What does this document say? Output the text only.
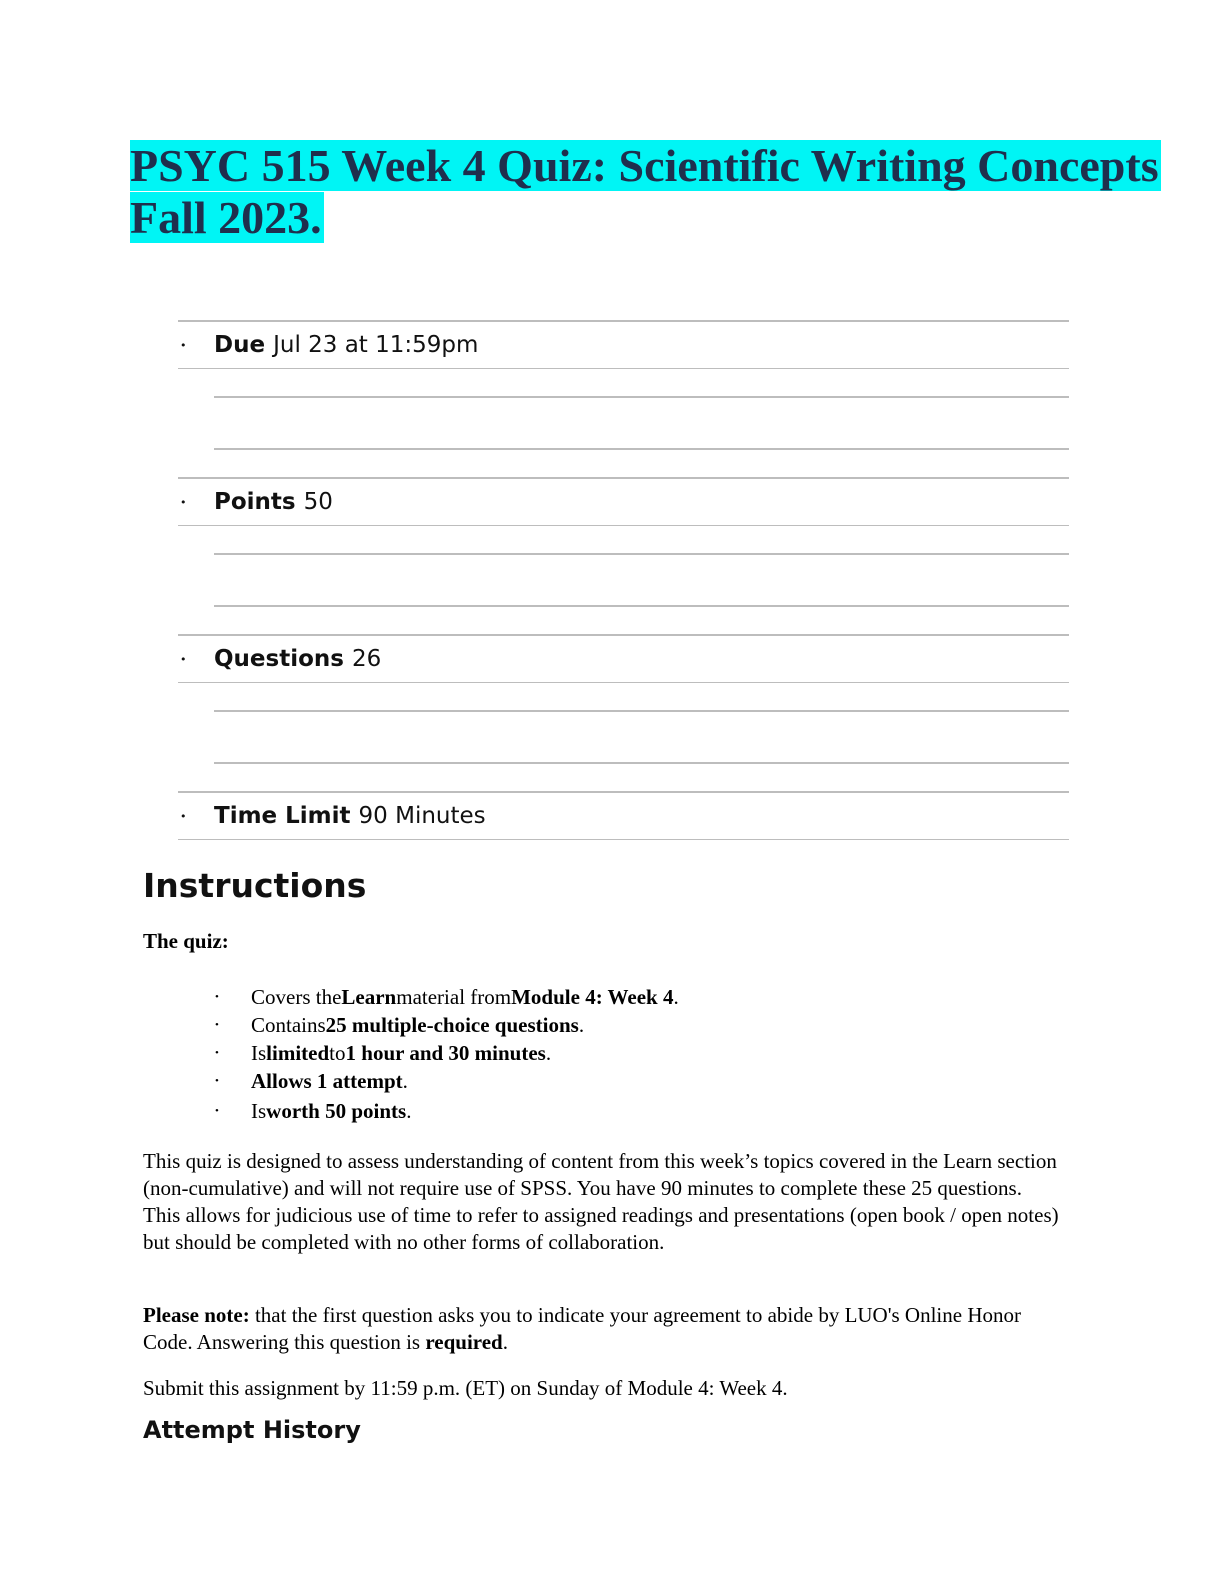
PSYC 515 Week 4 Quiz: Scientific Writing Concepts
Fall 2023.
•	Due Jul 23 at 11:59pm
•	Points 50
•	Questions 26
•	Time Limit 90 Minutes
Instructions
The quiz:
•	Covers the Learn material from Module 4: Week 4 .
•	Contains 25 multiple-choice questions .
•	Is limited to 1 hour and 30 minutes .
•	Allows 1 attempt .
•	Is worth 50 points .

This quiz is designed to assess understanding of content from this week’s topics covered in the Learn section (non-cumulative) and will not require use of SPSS. You have 90 minutes to complete these 25 questions. This allows for judicious use of time to refer to assigned readings and presentations (open book / open notes) but should be completed with no other forms of collaboration.

Please note: that the first question asks you to indicate your agreement to abide by LUO's Online Honor Code. Answering this question is required.

Submit this assignment by 11:59 p.m. (ET) on Sunday of Module 4: Week 4.

Attempt History
